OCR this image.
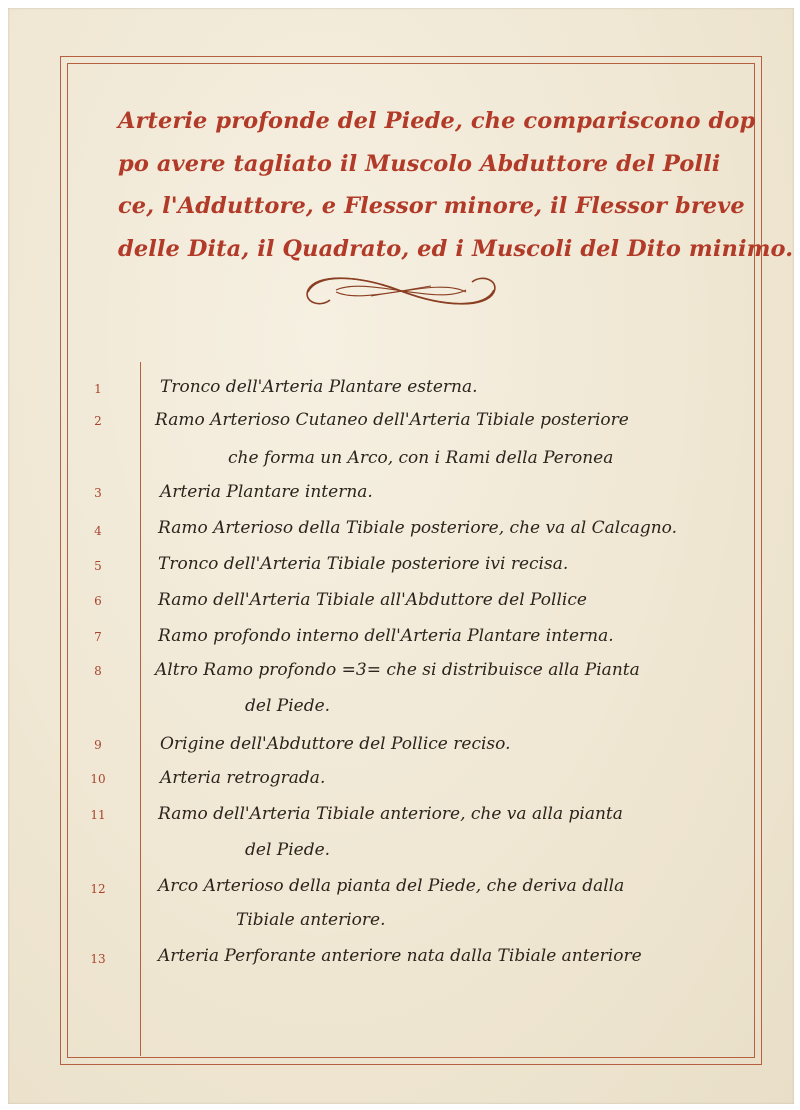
Arterie profonde del Piede, che compariscono dop
po avere tagliato il Muscolo Abduttore del Polli
ce, l'Adduttore, e Flessor minore, il Flessor breve
delle Dita, il Quadrato, ed i Muscoli del Dito minimo.
1	Tronco dell'Arteria Plantare esterna.
2	Ramo Arterioso Cutaneo dell'Arteria Tibiale posteriore
che forma un Arco, con i Rami della Peronea
3	Arteria Plantare interna.
4	Ramo Arterioso della Tibiale posteriore, che va al Calcagno.
5	Tronco dell'Arteria Tibiale posteriore ivi recisa.
6	Ramo dell'Arteria Tibiale all'Abduttore del Pollice
7	Ramo profondo interno dell'Arteria Plantare interna.
8	Altro Ramo profondo =3= che si distribuisce alla Pianta
del Piede.
9	Origine dell'Abduttore del Pollice reciso.
10	Arteria retrograda.
11	Ramo dell'Arteria Tibiale anteriore, che va alla pianta
del Piede.
12	Arco Arterioso della pianta del Piede, che deriva dalla
Tibiale anteriore.
13	Arteria Perforante anteriore nata dalla Tibiale anteriore
